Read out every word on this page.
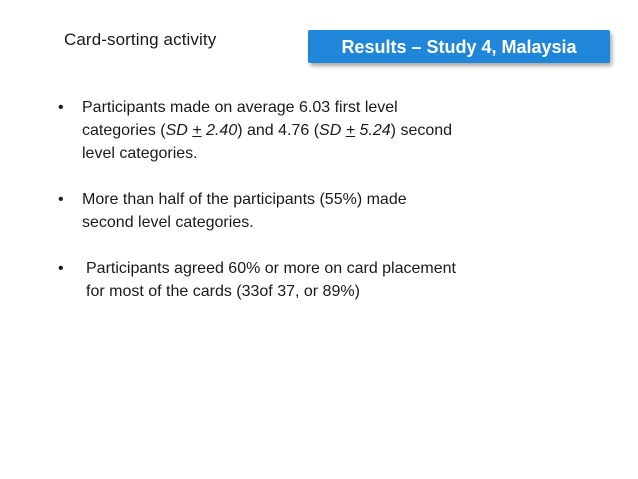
Card-sorting activity	Results – Study 4, Malaysia
• Participants made on average 6.03 first level
categories (SD + 2.40) and 4.76 (SD + 5.24) second
level categories.
• More than half of the participants (55%) made
second level categories.
• Participants agreed 60% or more on card placement
for most of the cards (33of 37, or 89%)
